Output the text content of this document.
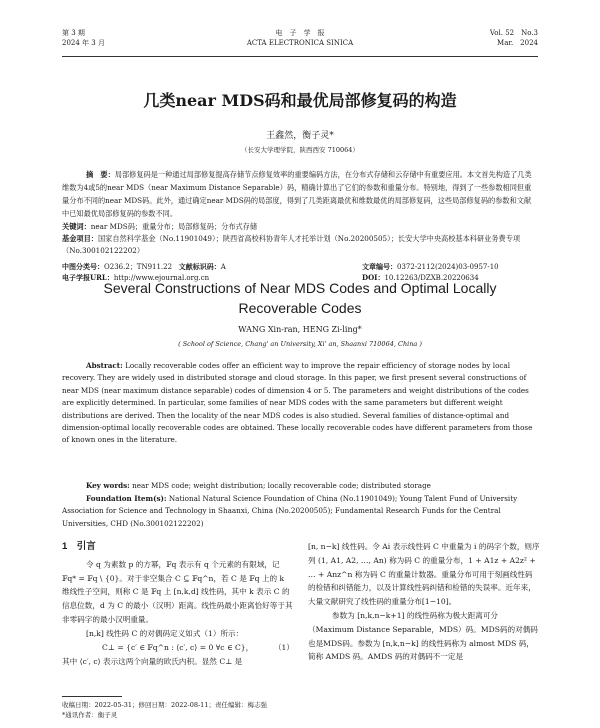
第 3 期
2024 年 3 月
电　子　学　报
ACTA ELECTRONICA SINICA
Vol. 52　No.3
Mar.　2024
几类near MDS码和最优局部修复码的构造
王鑫然，衡子灵*
（长安大学理学院，陕西西安 710064）
摘　要：局部修复码是一种通过局部修复提高存储节点修复效率的重要编码方法，在分布式存储和云存储中有重要应用。本文首先构造了几类维数为4或5的near MDS（near Maximum Distance Separable）码，精确计算出了它们的参数和重量分布。特别地，得到了一些参数相同但重量分布不同的near MDS码。此外，通过确定near MDS码的局部度，得到了几类距离最优和维数最优的局部修复码，这些局部修复码的参数和文献中已知最优局部修复码的参数不同。
关键词：near MDS码；重量分布；局部修复码；分布式存储
基金项目：国家自然科学基金（No.11901049）；陕西省高校科协青年人才托举计划（No.20200505）；长安大学中央高校基本科研业务费专项（No.300102122202）
中图分类号：O236.2；TN911.22 文献标识码：A	文章编号：0372-2112(2024)03-0957-10
电子学报URL：http://www.ejournal.org.cn	DOI：10.12263/DZXB.20220634
Several Constructions of Near MDS Codes and Optimal Locally Recoverable Codes
WANG Xin-ran, HENG Zi-ling*
( School of Science, Chang' an University, Xi' an, Shaanxi 710064, China )
Abstract: Locally recoverable codes offer an efficient way to improve the repair efficiency of storage nodes by local recovery. They are widely used in distributed storage and cloud storage. In this paper, we first present several constructions of near MDS (near maximum distance separable) codes of dimension 4 or 5. The parameters and weight distributions of the codes are explicitly determined. In particular, some families of near MDS codes with the same parameters but different weight distributions are derived. Then the locality of the near MDS codes is also studied. Several families of distance-optimal and dimension-optimal locally recoverable codes are obtained. These locally recoverable codes have different parameters from those of known ones in the literature.
Key words: near MDS code; weight distribution; locally recoverable code; distributed storage
Foundation Item(s): National Natural Science Foundation of China (No.11901049); Young Talent Fund of University Association for Science and Technology in Shaanxi, China (No.20200505); Fundamental Research Funds for the Central Universities, CHD (No.300102122202)
1　引言

令 q 为素数 p 的方幂，𝔽q 表示有 q 个元素的有限域，记 𝔽q* = 𝔽q \ {0}。对于非空集合 C ⊆ 𝔽q^n，若 C 是 𝔽q 上的 k 维线性子空间，则称 C 是 𝔽q 上 [n,k,d] 线性码，其中 k 表示 C 的信息位数，d 为 C 的最小（汉明）距离。线性码最小距离恰好等于其非零码字的最小汉明重量。

[n,k] 线性码 C 的对偶码定义如式（1）所示：

C⊥ = {c′ ∈ 𝔽q^n : ⟨c′, c⟩ = 0 ∀c ∈ C}，	（1）

其中 ⟨c′, c⟩ 表示这两个向量的欧氏内积。显然 C⊥ 是

[n, n−k] 线性码。令 Ai 表示线性码 C 中重量为 i 的码字个数，则序列 (1, A1, A2, …, An) 称为码 C 的重量分布，1 + A1z + A2z² + … + Anz^n 称为码 C 的重量计数器。重量分布可用于刻画线性码的检错和纠错能力，以及计算线性码纠错和检错的失误率。近年来，大量文献研究了线性码的重量分布[1−10]。

参数为 [n,k,n−k+1] 的线性码称为极大距离可分（Maximum Distance Separable，MDS）码。MDS码的对偶码也是MDS码。参数为 [n,k,n−k] 的线性码称为 almost MDS 码，简称 AMDS 码。AMDS 码的对偶码不一定是

收稿日期：2022-05-31；修回日期：2022-08-11；责任编辑：梅志强
*通讯作者：衡子灵
